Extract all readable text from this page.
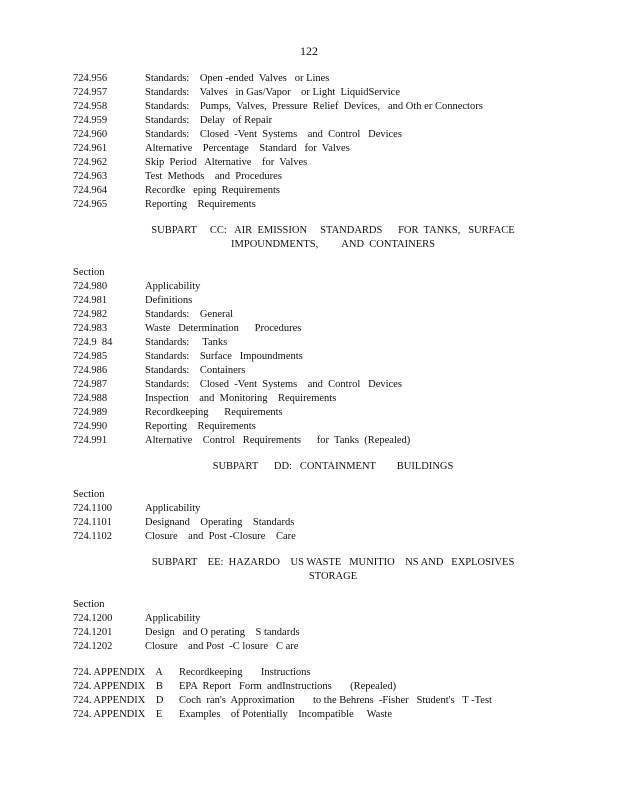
122
724.956	Standards:    Open -ended  Valves   or Lines
724.957	Standards:    Valves   in Gas/Vapor    or Light  LiquidService
724.958	Standards:    Pumps,  Valves,  Pressure  Relief  Devices,   and Oth er Connectors
724.959	Standards:    Delay   of Repair
724.960	Standards:    Closed  -Vent  Systems    and  Control   Devices
724.961	Alternative    Percentage    Standard   for  Valves
724.962	Skip  Period   Alternative    for  Valves
724.963	Test  Methods    and  Procedures
724.964	Recordke   eping  Requirements
724.965	Reporting    Requirements
SUBPART     CC:   AIR  EMISSION     STANDARDS      FOR  TANKS,   SURFACE
IMPOUNDMENTS,         AND  CONTAINERS
Section
724.980	Applicability
724.981	Definitions
724.982	Standards:    General
724.983	Waste   Determination      Procedures
724.9  84	Standards:     Tanks
724.985	Standards:    Surface   Impoundments
724.986	Standards:    Containers
724.987	Standards:    Closed  -Vent  Systems    and  Control   Devices
724.988	Inspection    and  Monitoring    Requirements
724.989	Recordkeeping      Requirements
724.990	Reporting    Requirements
724.991	Alternative    Control   Requirements      for  Tanks  (Repealed)
SUBPART      DD:   CONTAINMENT        BUILDINGS
Section
724.1100	Applicability
724.1101	Designand    Operating    Standards
724.1102	Closure    and  Post -Closure    Care
SUBPART    EE:  HAZARDO    US WASTE   MUNITIO    NS AND   EXPLOSIVES
STORAGE
Section
724.1200	Applicability
724.1201	Design   and O perating    S tandards
724.1202	Closure    and Post  -C losure   C are
724. APPENDIX    A	Recordkeeping       Instructions
724. APPENDIX    B	EPA  Report   Form  andInstructions       (Repealed)
724. APPENDIX    D	Coch  ran's  Approximation       to the Behrens  -Fisher   Student's   T -Test
724. APPENDIX    E	Examples    of Potentially    Incompatible     Waste
